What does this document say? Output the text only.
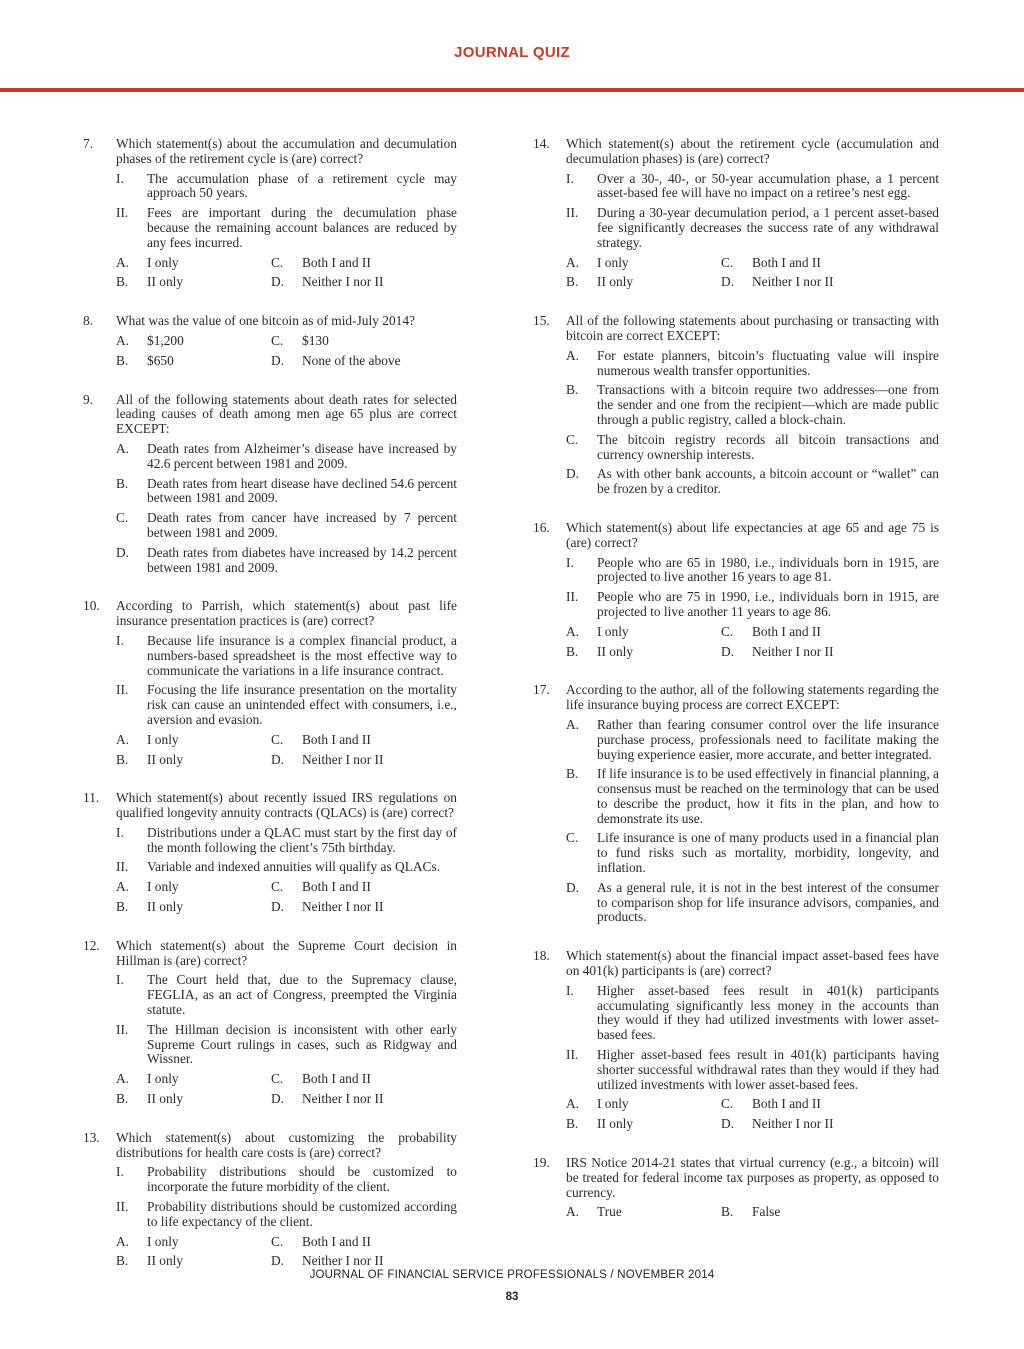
JOURNAL QUIZ
7.	Which statement(s) about the accumulation and decumulation phases of the retirement cycle is (are) correct?
I.	The accumulation phase of a retirement cycle may approach 50 years.
II.	Fees are important during the decumulation phase because the remaining account balances are reduced by any fees incurred.
A.	I only	C.	Both I and II
B.	II only	D.	Neither I nor II
8.	What was the value of one bitcoin as of mid-July 2014?
A.	$1,200	C.	$130
B.	$650	D.	None of the above
9.	All of the following statements about death rates for selected leading causes of death among men age 65 plus are correct EXCEPT:
A.	Death rates from Alzheimer’s disease have increased by 42.6 percent between 1981 and 2009.
B.	Death rates from heart disease have declined 54.6 percent between 1981 and 2009.
C.	Death rates from cancer have increased by 7 percent between 1981 and 2009.
D.	Death rates from diabetes have increased by 14.2 percent between 1981 and 2009.
10.	According to Parrish, which statement(s) about past life insurance presentation practices is (are) correct?
I.	Because life insurance is a complex financial product, a numbers-based spreadsheet is the most effective way to communicate the variations in a life insurance contract.
II.	Focusing the life insurance presentation on the mortality risk can cause an unintended effect with consumers, i.e., aversion and evasion.
A.	I only	C.	Both I and II
B.	II only	D.	Neither I nor II
11.	Which statement(s) about recently issued IRS regulations on qualified longevity annuity contracts (QLACs) is (are) correct?
I.	Distributions under a QLAC must start by the first day of the month following the client’s 75th birthday.
II.	Variable and indexed annuities will qualify as QLACs.
A.	I only	C.	Both I and II
B.	II only	D.	Neither I nor II
12.	Which statement(s) about the Supreme Court decision in Hillman is (are) correct?
I.	The Court held that, due to the Supremacy clause, FEGLIA, as an act of Congress, preempted the Virginia statute.
II.	The Hillman decision is inconsistent with other early Supreme Court rulings in cases, such as Ridgway and Wissner.
A.	I only	C.	Both I and II
B.	II only	D.	Neither I nor II
13.	Which statement(s) about customizing the probability distributions for health care costs is (are) correct?
I.	Probability distributions should be customized to incorporate the future morbidity of the client.
II.	Probability distributions should be customized according to life expectancy of the client.
A.	I only	C.	Both I and II
B.	II only	D.	Neither I nor II
14.	Which statement(s) about the retirement cycle (accumulation and decumulation phases) is (are) correct?
I.	Over a 30-, 40-, or 50-year accumulation phase, a 1 percent asset-based fee will have no impact on a retiree’s nest egg.
II.	During a 30-year decumulation period, a 1 percent asset-based fee significantly decreases the success rate of any withdrawal strategy.
A.	I only	C.	Both I and II
B.	II only	D.	Neither I nor II
15.	All of the following statements about purchasing or transacting with bitcoin are correct EXCEPT:
A.	For estate planners, bitcoin’s fluctuating value will inspire numerous wealth transfer opportunities.
B.	Transactions with a bitcoin require two addresses—one from the sender and one from the recipient—which are made public through a public registry, called a block-chain.
C.	The bitcoin registry records all bitcoin transactions and currency ownership interests.
D.	As with other bank accounts, a bitcoin account or “wallet” can be frozen by a creditor.
16.	Which statement(s) about life expectancies at age 65 and age 75 is (are) correct?
I.	People who are 65 in 1980, i.e., individuals born in 1915, are projected to live another 16 years to age 81.
II.	People who are 75 in 1990, i.e., individuals born in 1915, are projected to live another 11 years to age 86.
A.	I only	C.	Both I and II
B.	II only	D.	Neither I nor II
17.	According to the author, all of the following statements regarding the life insurance buying process are correct EXCEPT:
A.	Rather than fearing consumer control over the life insurance purchase process, professionals need to facilitate making the buying experience easier, more accurate, and better integrated.
B.	If life insurance is to be used effectively in financial planning, a consensus must be reached on the terminology that can be used to describe the product, how it fits in the plan, and how to demonstrate its use.
C.	Life insurance is one of many products used in a financial plan to fund risks such as mortality, morbidity, longevity, and inflation.
D.	As a general rule, it is not in the best interest of the consumer to comparison shop for life insurance advisors, companies, and products.
18.	Which statement(s) about the financial impact asset-based fees have on 401(k) participants is (are) correct?
I.	Higher asset-based fees result in 401(k) participants accumulating significantly less money in the accounts than they would if they had utilized investments with lower asset-based fees.
II.	Higher asset-based fees result in 401(k) participants having shorter successful withdrawal rates than they would if they had utilized investments with lower asset-based fees.
A.	I only	C.	Both I and II
B.	II only	D.	Neither I nor II
19.	IRS Notice 2014-21 states that virtual currency (e.g., a bitcoin) will be treated for federal income tax purposes as property, as opposed to currency.
A.	True	B.	False
JOURNAL OF FINANCIAL SERVICE PROFESSIONALS / NOVEMBER 2014
83
